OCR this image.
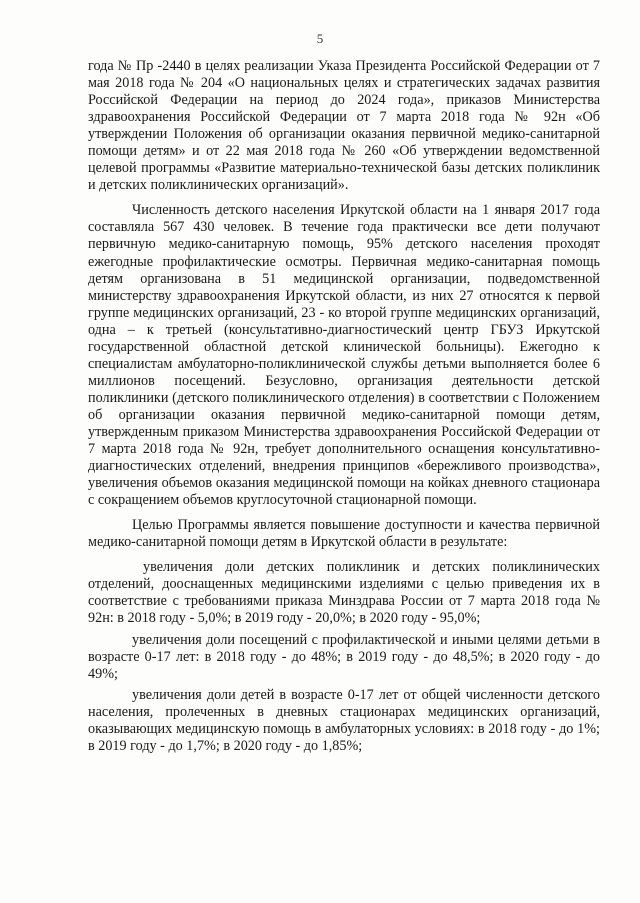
5

года № Пр -2440 в целях реализации Указа Президента Российской Федерации от 7 мая 2018 года № 204 «О национальных целях и стратегических задачах развития Российской Федерации на период до 2024 года», приказов Министерства здравоохранения Российской Федерации от 7 марта 2018 года № 92н «Об утверждении Положения об организации оказания первичной медико-санитарной помощи детям» и от 22 мая 2018 года № 260 «Об утверждении ведомственной целевой программы «Развитие материально-технической базы детских поликлиник и детских поликлинических организаций».

Численность детского населения Иркутской области на 1 января 2017 года составляла 567 430 человек. В течение года практически все дети получают первичную медико-санитарную помощь, 95% детского населения проходят ежегодные профилактические осмотры. Первичная медико-санитарная помощь детям организована в 51 медицинской организации, подведомственной министерству здравоохранения Иркутской области, из них 27 относятся к первой группе медицинских организаций, 23 - ко второй группе медицинских организаций, одна – к третьей (консультативно-диагностический центр ГБУЗ Иркутской государственной областной детской клинической больницы). Ежегодно к специалистам амбулаторно-поликлинической службы детьми выполняется более 6 миллионов посещений. Безусловно, организация деятельности детской поликлиники (детского поликлинического отделения) в соответствии с Положением об организации оказания первичной медико-санитарной помощи детям, утвержденным приказом Министерства здравоохранения Российской Федерации от 7 марта 2018 года № 92н, требует дополнительного оснащения консультативно-диагностических отделений, внедрения принципов «бережливого производства», увеличения объемов оказания медицинской помощи на койках дневного стационара с сокращением объемов круглосуточной стационарной помощи.

Целью Программы является повышение доступности и качества первичной медико-санитарной помощи детям в Иркутской области в результате:

увеличения доли детских поликлиник и детских поликлинических отделений, дооснащенных медицинскими изделиями с целью приведения их в соответствие с требованиями приказа Минздрава России от 7 марта 2018 года № 92н: в 2018 году - 5,0%; в 2019 году - 20,0%; в 2020 году - 95,0%;

увеличения доли посещений с профилактической и иными целями детьми в возрасте 0-17 лет: в 2018 году - до 48%; в 2019 году - до 48,5%; в 2020 году - до 49%;

увеличения доли детей в возрасте 0-17 лет от общей численности детского населения, пролеченных в дневных стационарах медицинских организаций, оказывающих медицинскую помощь в амбулаторных условиях: в 2018 году - до 1%; в 2019 году - до 1,7%; в 2020 году - до 1,85%;
